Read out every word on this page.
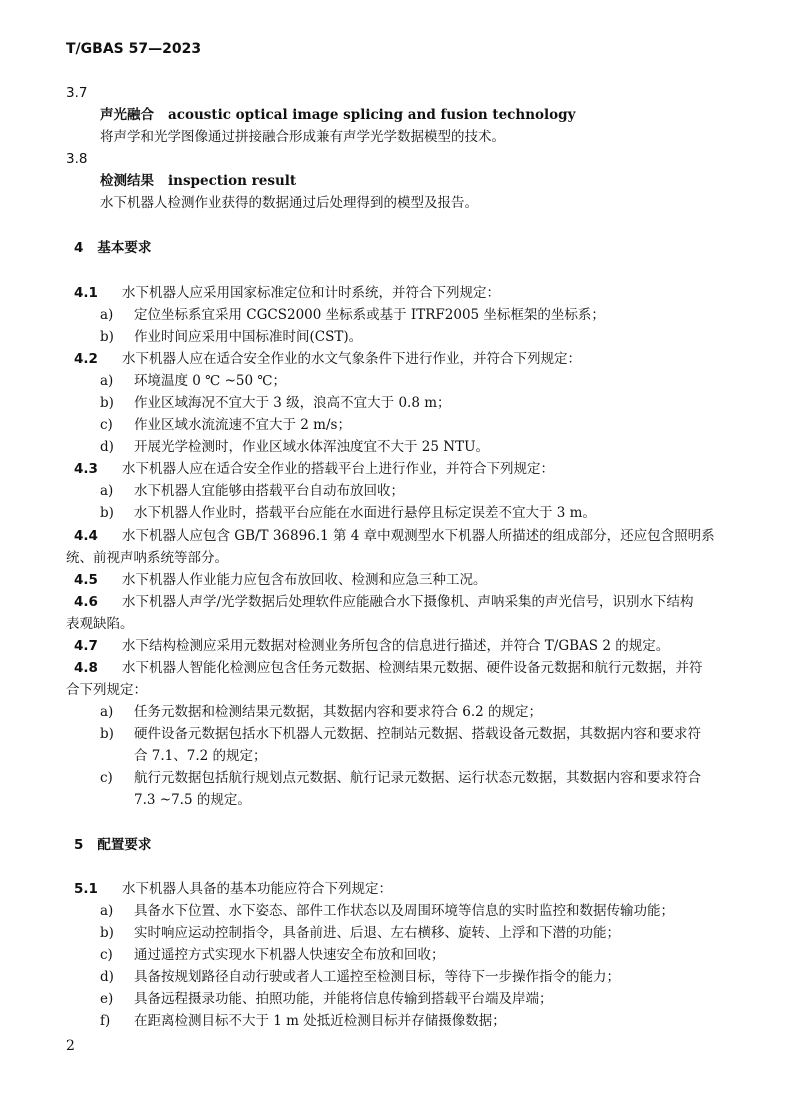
T/GBAS 57—2023
3.7
声光融合 acoustic optical image splicing and fusion technology
将声学和光学图像通过拼接融合形成兼有声学光学数据模型的技术。
3.8
检测结果 inspection result
水下机器人检测作业获得的数据通过后处理得到的模型及报告。
4 基本要求
4.1 水下机器人应采用国家标准定位和计时系统，并符合下列规定：
a) 定位坐标系宜采用 CGCS2000 坐标系或基于 ITRF2005 坐标框架的坐标系；
b) 作业时间应采用中国标准时间(CST)。
4.2 水下机器人应在适合安全作业的水文气象条件下进行作业，并符合下列规定：
a) 环境温度 0 ℃ ~50 ℃；
b) 作业区域海况不宜大于 3 级，浪高不宜大于 0.8 m；
c) 作业区域水流流速不宜大于 2 m/s；
d) 开展光学检测时，作业区域水体浑浊度宜不大于 25 NTU。
4.3 水下机器人应在适合安全作业的搭载平台上进行作业，并符合下列规定：
a) 水下机器人宜能够由搭载平台自动布放回收；
b) 水下机器人作业时，搭载平台应能在水面进行悬停且标定误差不宜大于 3 m。
4.4 水下机器人应包含 GB/T 36896.1 第 4 章中观测型水下机器人所描述的组成部分，还应包含照明系
统、前视声呐系统等部分。
4.5 水下机器人作业能力应包含布放回收、检测和应急三种工况。
4.6 水下机器人声学/光学数据后处理软件应能融合水下摄像机、声呐采集的声光信号，识别水下结构
表观缺陷。
4.7 水下结构检测应采用元数据对检测业务所包含的信息进行描述，并符合 T/GBAS 2 的规定。
4.8 水下机器人智能化检测应包含任务元数据、检测结果元数据、硬件设备元数据和航行元数据，并符
合下列规定：
a) 任务元数据和检测结果元数据，其数据内容和要求符合 6.2 的规定；
b) 硬件设备元数据包括水下机器人元数据、控制站元数据、搭载设备元数据，其数据内容和要求符
合 7.1、7.2 的规定；
c) 航行元数据包括航行规划点元数据、航行记录元数据、运行状态元数据，其数据内容和要求符合
7.3 ~7.5 的规定。
5 配置要求
5.1 水下机器人具备的基本功能应符合下列规定：
a) 具备水下位置、水下姿态、部件工作状态以及周围环境等信息的实时监控和数据传输功能；
b) 实时响应运动控制指令，具备前进、后退、左右横移、旋转、上浮和下潜的功能；
c) 通过遥控方式实现水下机器人快速安全布放和回收；
d) 具备按规划路径自动行驶或者人工遥控至检测目标，等待下一步操作指令的能力；
e) 具备远程摄录功能、拍照功能，并能将信息传输到搭载平台端及岸端；
f) 在距离检测目标不大于 1 m 处抵近检测目标并存储摄像数据；
2
